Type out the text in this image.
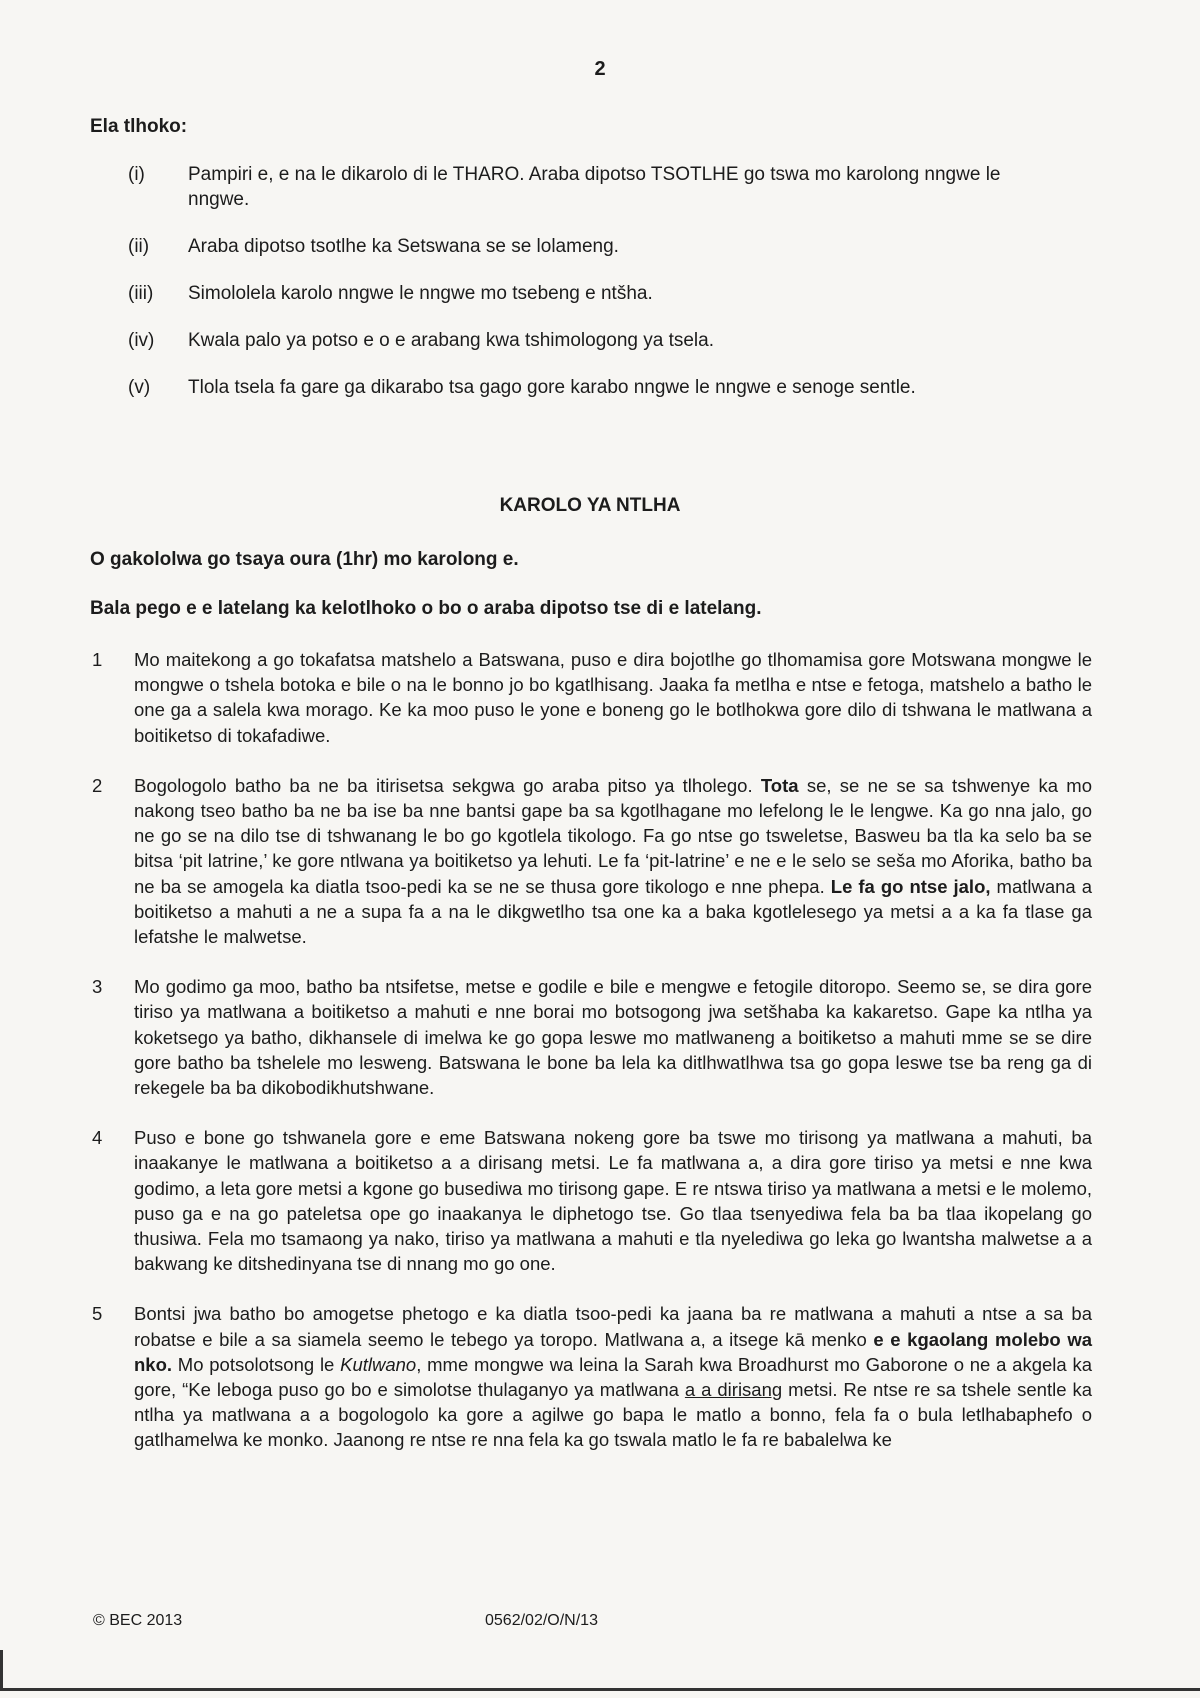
2
Ela tlhoko:
(i)	Pampiri e, e na le dikarolo di le THARO. Araba dipotso TSOTLHE go tswa mo karolong nngwe le nngwe.
(ii)	Araba dipotso tsotlhe ka Setswana se se lolameng.
(iii)	Simololela karolo nngwe le nngwe mo tsebeng e ntšha.
(iv)	Kwala palo ya potso e o e arabang kwa tshimologong ya tsela.
(v)	Tlola tsela fa gare ga dikarabo tsa gago gore karabo nngwe le nngwe e senoge sentle.
KAROLO YA NTLHA
O gakololwa go tsaya oura (1hr) mo karolong e.
Bala pego e e latelang ka kelotlhoko o bo o araba dipotso tse di e latelang.
1	Mo maitekong a go tokafatsa matshelo a Batswana, puso e dira bojotlhe go tlhomamisa gore Motswana mongwe le mongwe o tshela botoka e bile o na le bonno jo bo kgatlhisang. Jaaka fa metlha e ntse e fetoga, matshelo a batho le one ga a salela kwa morago. Ke ka moo puso le yone e boneng go le botlhokwa gore dilo di tshwana le matlwana a boitiketso di tokafadiwe.
2	Bogologolo batho ba ne ba itirisetsa sekgwa go araba pitso ya tlholego. Tota se, se ne se sa tshwenye ka mo nakong tseo batho ba ne ba ise ba nne bantsi gape ba sa kgotlhagane mo lefelong le le lengwe. Ka go nna jalo, go ne go se na dilo tse di tshwanang le bo go kgotlela tikologo. Fa go ntse go tsweletse, Basweu ba tla ka selo ba se bitsa ‘pit latrine,’ ke gore ntlwana ya boitiketso ya lehuti. Le fa ‘pit-latrine’ e ne e le selo se seša mo Aforika, batho ba ne ba se amogela ka diatla tsoo-pedi ka se ne se thusa gore tikologo e nne phepa. Le fa go ntse jalo, matlwana a boitiketso a mahuti a ne a supa fa a na le dikgwetlho tsa one ka a baka kgotlelesego ya metsi a a ka fa tlase ga lefatshe le malwetse.
3	Mo godimo ga moo, batho ba ntsifetse, metse e godile e bile e mengwe e fetogile ditoropo. Seemo se, se dira gore tiriso ya matlwana a boitiketso a mahuti e nne borai mo botsogong jwa setšhaba ka kakaretso. Gape ka ntlha ya koketsego ya batho, dikhansele di imelwa ke go gopa leswe mo matlwaneng a boitiketso a mahuti mme se se dire gore batho ba tshelele mo lesweng. Batswana le bone ba lela ka ditlhwatlhwa tsa go gopa leswe tse ba reng ga di rekegele ba ba dikobodikhutshwane.
4	Puso e bone go tshwanela gore e eme Batswana nokeng gore ba tswe mo tirisong ya matlwana a mahuti, ba inaakanye le matlwana a boitiketso a a dirisang metsi. Le fa matlwana a, a dira gore tiriso ya metsi e nne kwa godimo, a leta gore metsi a kgone go busediwa mo tirisong gape. E re ntswa tiriso ya matlwana a metsi e le molemo, puso ga e na go pateletsa ope go inaakanya le diphetogo tse. Go tlaa tsenyediwa fela ba ba tlaa ikopelang go thusiwa. Fela mo tsamaong ya nako, tiriso ya matlwana a mahuti e tla nyelediwa go leka go lwantsha malwetse a a bakwang ke ditshedinyana tse di nnang mo go one.
5	Bontsi jwa batho bo amogetse phetogo e ka diatla tsoo-pedi ka jaana ba re matlwana a mahuti a ntse a sa ba robatse e bile a sa siamela seemo le tebego ya toropo. Matlwana a, a itsege kā menko e e kgaolang molebo wa nko. Mo potsolotsong le Kutlwano, mme mongwe wa leina la Sarah kwa Broadhurst mo Gaborone o ne a akgela ka gore, “Ke leboga puso go bo e simolotse thulaganyo ya matlwana a a dirisang metsi. Re ntse re sa tshele sentle ka ntlha ya matlwana a a bogologolo ka gore a agilwe go bapa le matlo a bonno, fela fa o bula letlhabaphefo o gatlhamelwa ke monko. Jaanong re ntse re nna fela ka go tswala matlo le fa re babalelwa ke
© BEC 2013	0562/02/O/N/13
